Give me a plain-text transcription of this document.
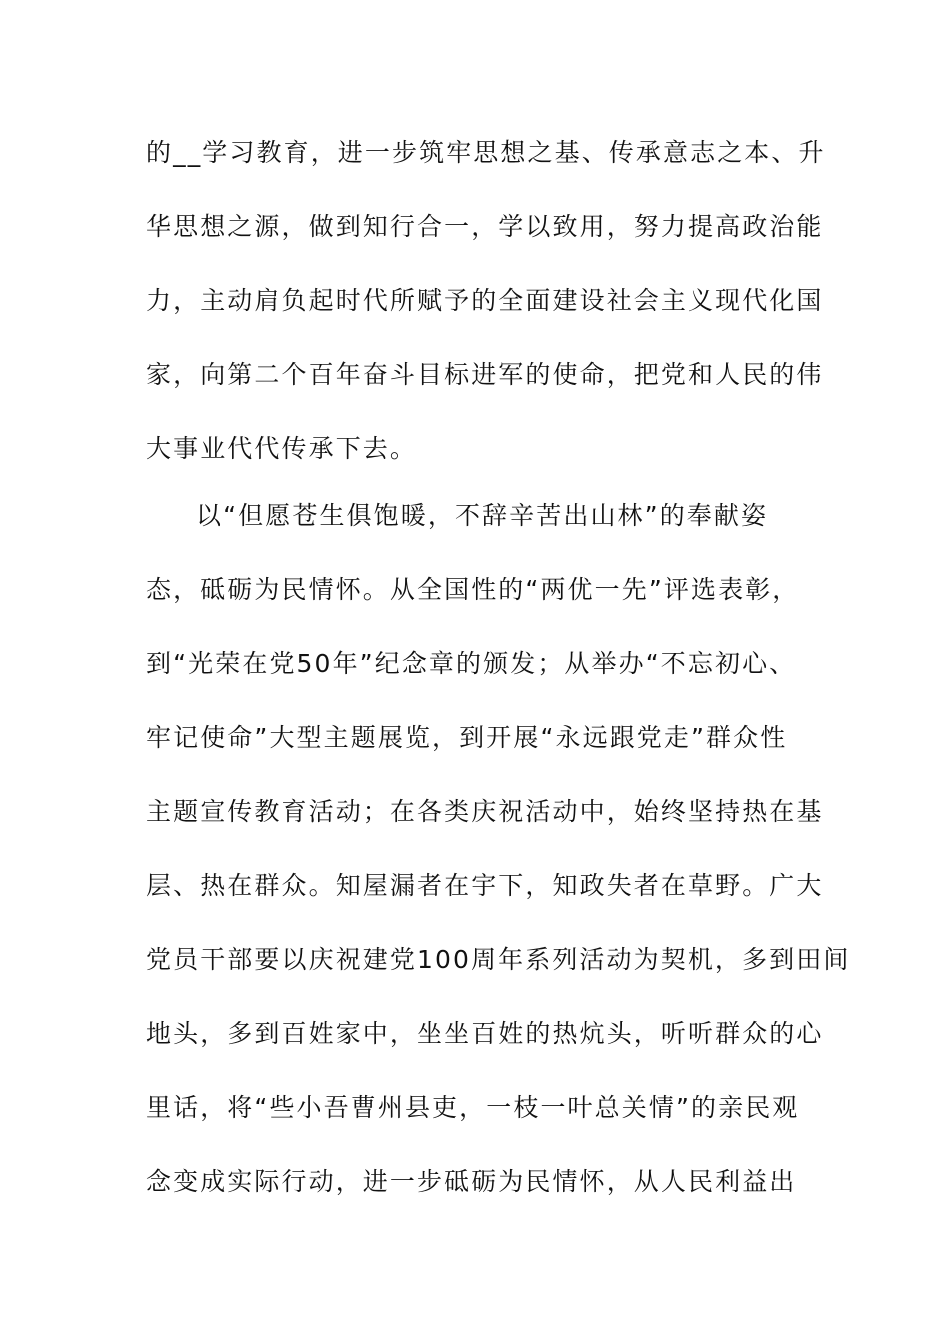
的__学习教育，进一步筑牢思想之基、传承意志之本、升
华思想之源，做到知行合一，学以致用，努力提高政治能
力，主动肩负起时代所赋予的全面建设社会主义现代化国
家，向第二个百年奋斗目标进军的使命，把党和人民的伟
大事业代代传承下去。
以“但愿苍生俱饱暖，不辞辛苦出山林”的奉献姿
态，砥砺为民情怀。从全国性的“两优一先”评选表彰，
到“光荣在党50年”纪念章的颁发；从举办“不忘初心、
牢记使命”大型主题展览，到开展“永远跟党走”群众性
主题宣传教育活动；在各类庆祝活动中，始终坚持热在基
层、热在群众。知屋漏者在宇下，知政失者在草野。广大
党员干部要以庆祝建党100周年系列活动为契机，多到田间
地头，多到百姓家中，坐坐百姓的热炕头，听听群众的心
里话，将“些小吾曹州县吏，一枝一叶总关情”的亲民观
念变成实际行动，进一步砥砺为民情怀，从人民利益出
